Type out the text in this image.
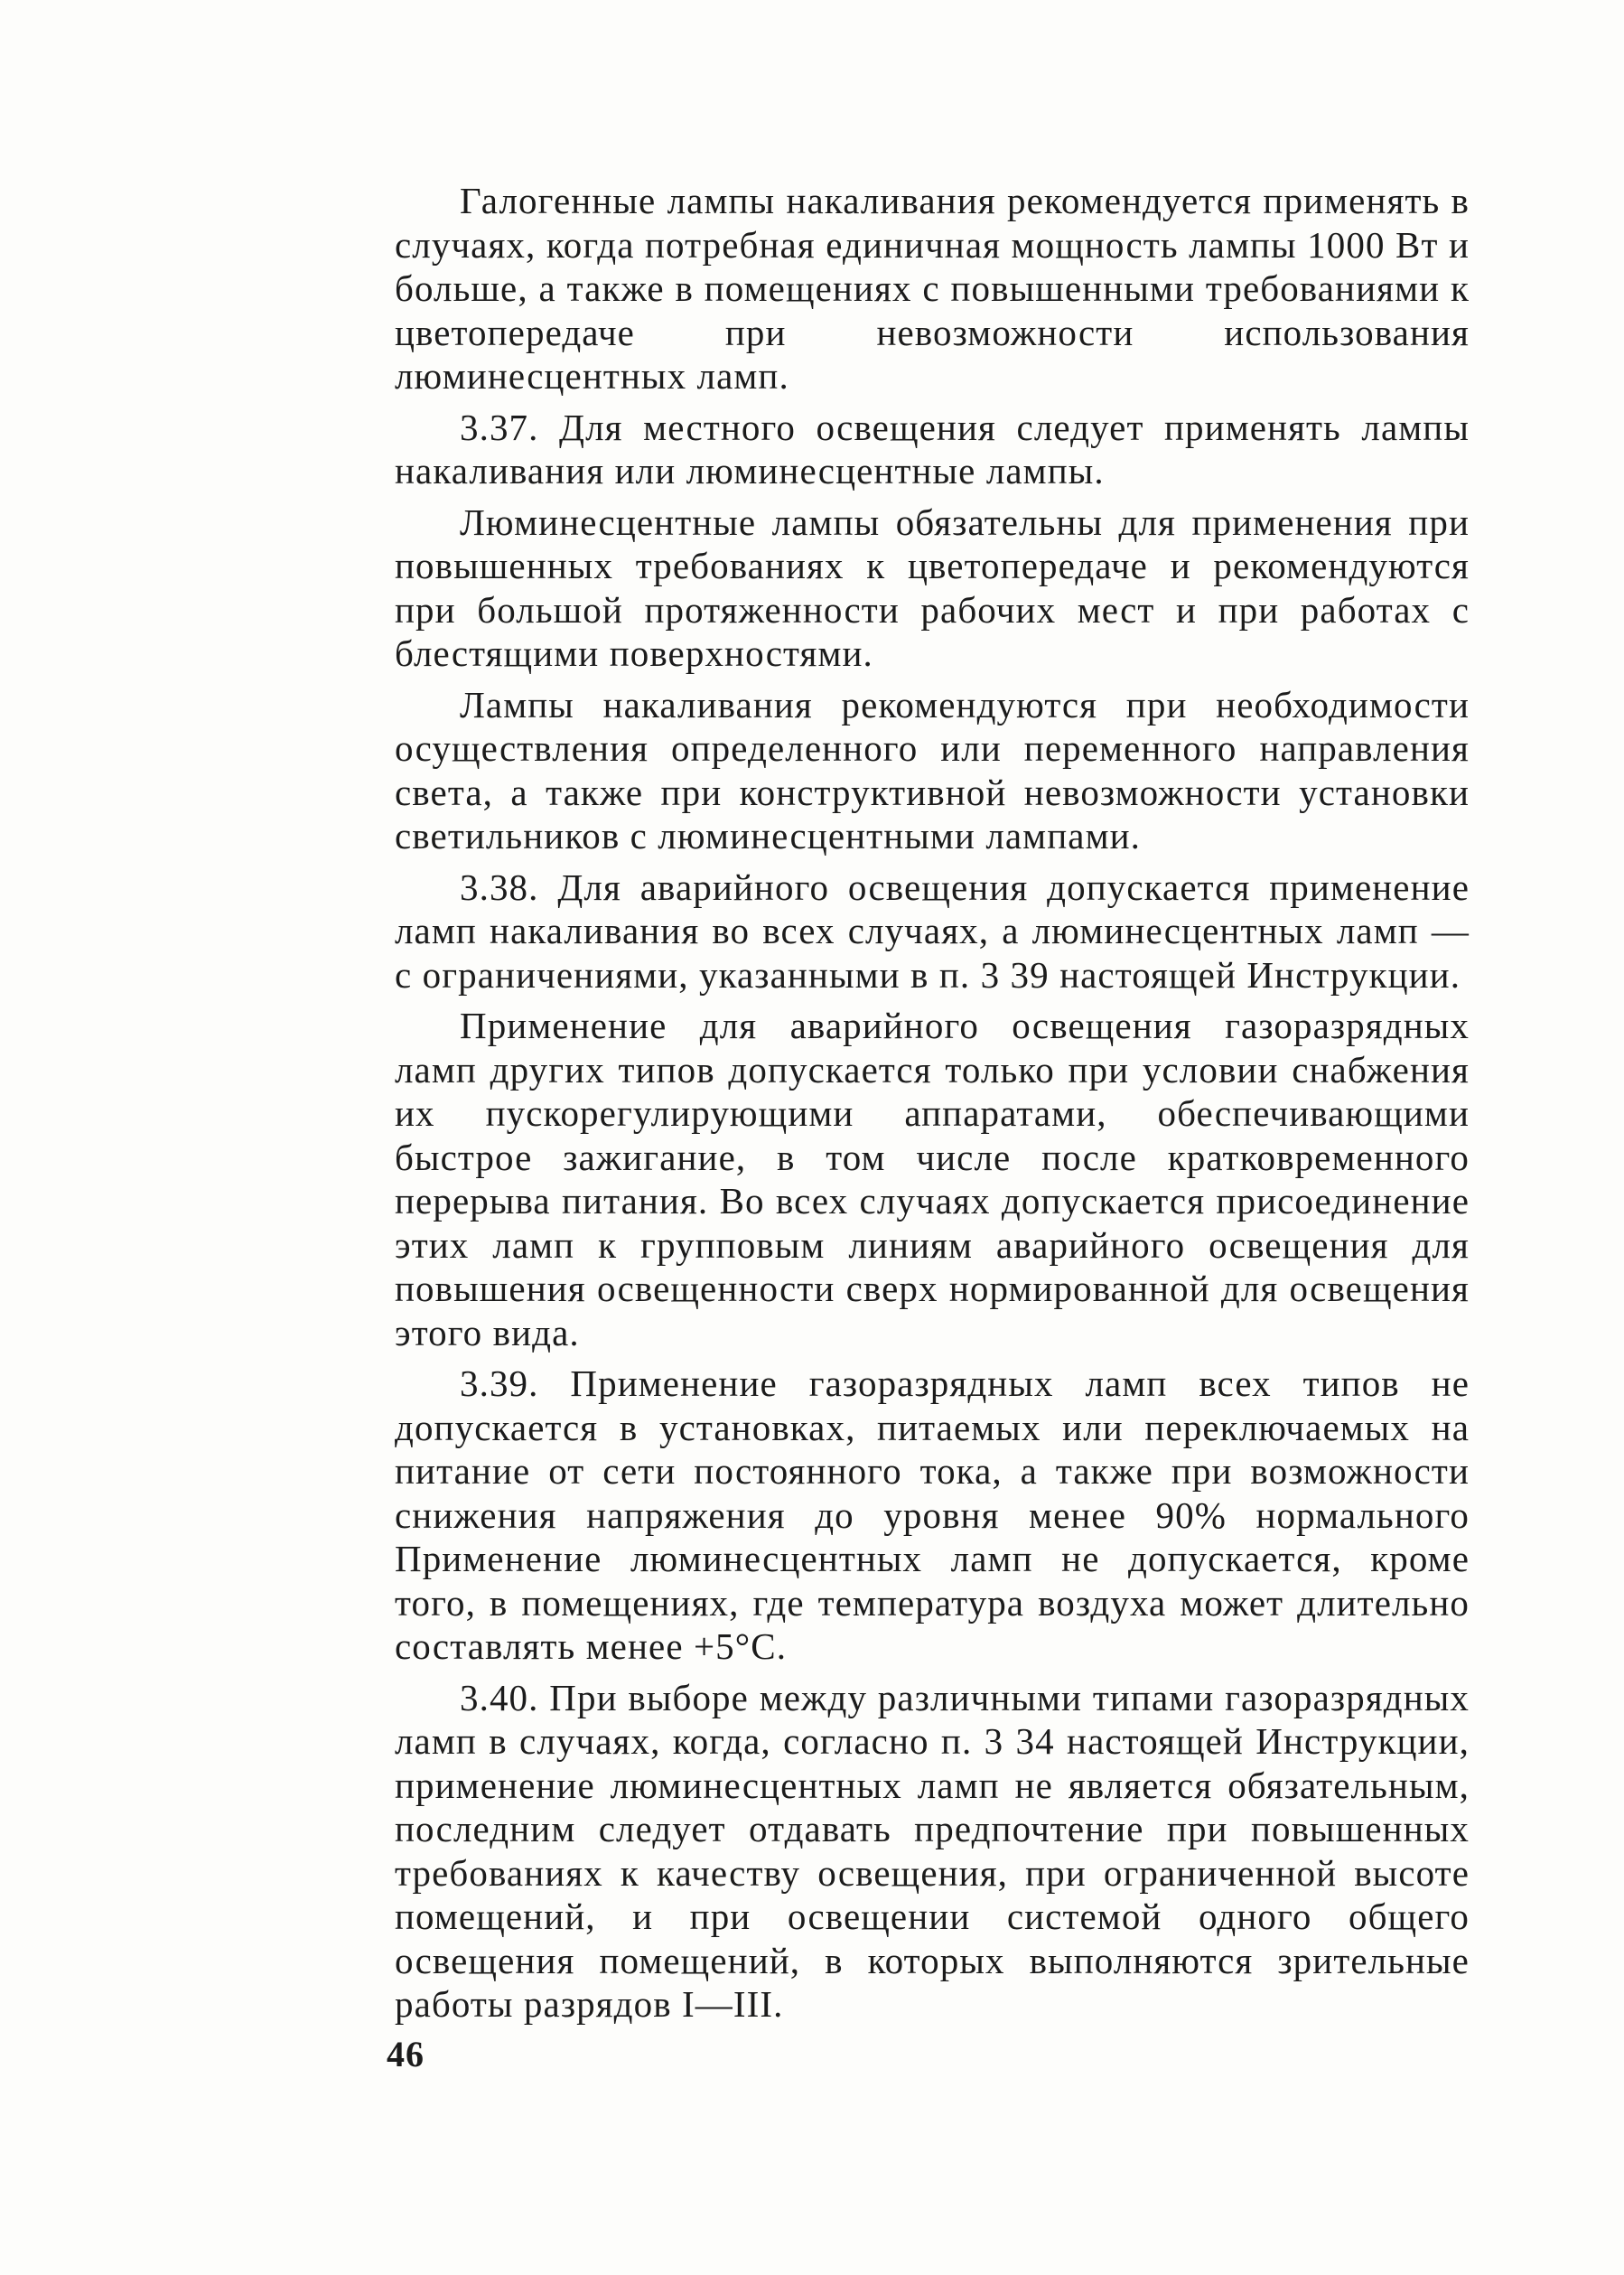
Галогенные лампы накаливания рекомендуется применять в случаях, когда потребная единичная мощность лампы 1000 Вт и больше, а также в помещениях с повышенными требованиями к цветопередаче при невозможности использования люминесцентных ламп.

3.37. Для местного освещения следует применять лампы накаливания или люминесцентные лампы.

Люминесцентные лампы обязательны для применения при повышенных требованиях к цветопередаче и рекомендуются при большой протяженности рабочих мест и при работах с блестящими поверхностями.

Лампы накаливания рекомендуются при необходимости осуществления определенного или переменного направления света, а также при конструктивной невозможности установки светильников с люминесцентными лампами.

3.38. Для аварийного освещения допускается применение ламп накаливания во всех случаях, а люминесцентных ламп — с ограничениями, указанными в п. 3 39 настоящей Инструкции.

Применение для аварийного освещения газоразрядных ламп других типов допускается только при условии снабжения их пускорегулирующими аппаратами, обеспечивающими быстрое зажигание, в том числе после кратковременного перерыва питания. Во всех случаях допускается присоединение этих ламп к групповым линиям аварийного освещения для повышения освещенности сверх нормированной для освещения этого вида.

3.39. Применение газоразрядных ламп всех типов не допускается в установках, питаемых или переключаемых на питание от сети постоянного тока, а также при возможности снижения напряжения до уровня менее 90% нормального Применение люминесцентных ламп не допускается, кроме того, в помещениях, где температура воздуха может длительно составлять менее +5°C.

3.40. При выборе между различными типами газоразрядных ламп в случаях, когда, согласно п. 3 34 настоящей Инструкции, применение люминесцентных ламп не является обязательным, последним следует отдавать предпочтение при повышенных требованиях к качеству освещения, при ограниченной высоте помещений, и при освещении системой одного общего освещения помещений, в которых выполняются зрительные работы разрядов I—III.

46
